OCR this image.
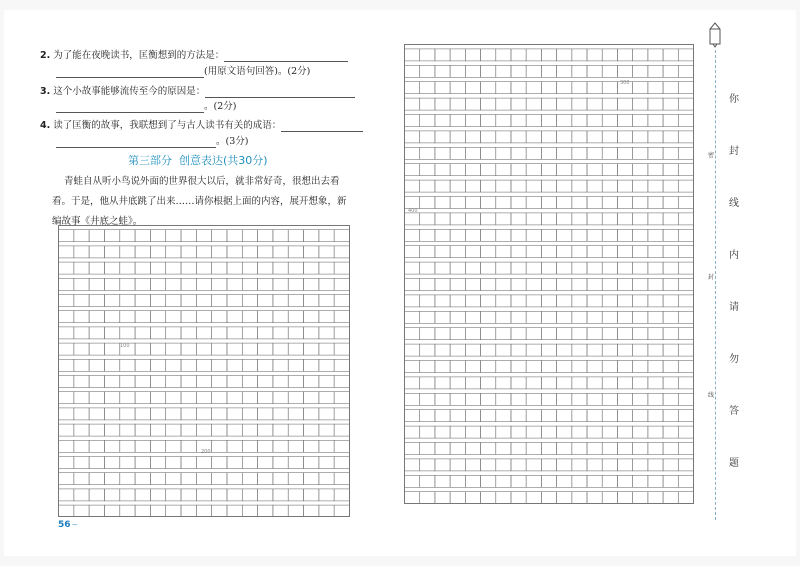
2. 为了能在夜晚读书，匡衡想到的方法是：
(用原文语句回答)。(2分)
3. 这个小故事能够流传至今的原因是：
。(2分)
4. 读了匡衡的故事，我联想到了与古人读书有关的成语：
。(3分)
第三部分  创意表达(共30分)
青蛙自从听小鸟说外面的世界很大以后，就非常好奇，很想出去看看。于是，他从井底跳了出来……请你根据上面的内容，展开想象，新编故事《井底之蛙》。
100
200
300
400
56~
密
封
线
你
封
线
内
请
勿
答
题
